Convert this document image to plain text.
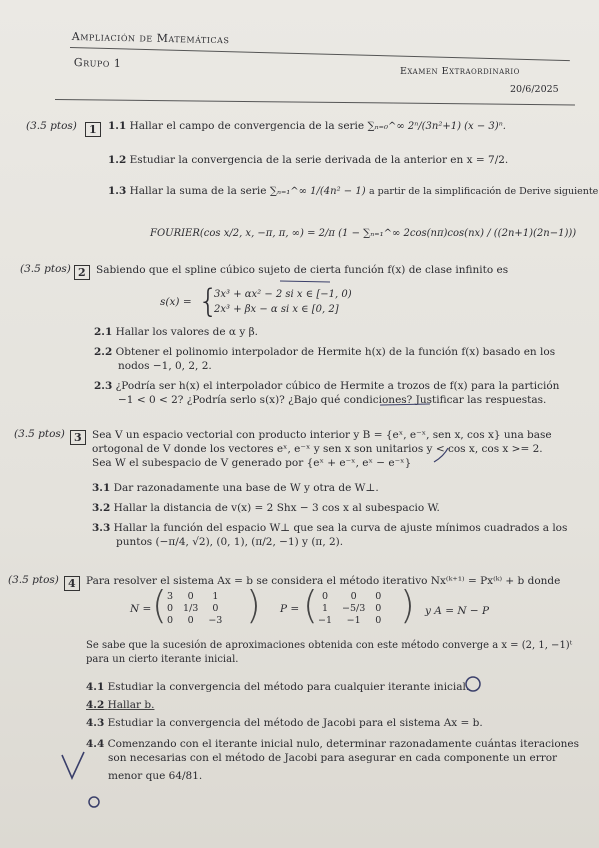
Ampliación de Matemáticas
Grupo 1
Examen Extraordinario
20/6/2025
(3.5 ptos)	1	1.1 Hallar el campo de convergencia de la serie ∑ₙ₌₀^∞ 2ⁿ/(3n²+1) (x − 3)ⁿ.
1.2 Estudiar la convergencia de la serie derivada de la anterior en x = 7/2.
1.3 Hallar la suma de la serie ∑ₙ₌₁^∞ 1/(4n² − 1) a partir de la simplificación de Derive siguiente
FOURIER(cos x/2, x, −π, π, ∞) = 2/π (1 − ∑ₙ₌₁^∞ 2cos(nπ)cos(nx) / ((2n+1)(2n−1)))
(3.5 ptos) 2 Sabiendo que el spline cúbico sujeto de cierta función f(x) de clase infinito es
s(x) = {
3x³ + αx² − 2 si x ∈ [−1, 0)
2x³ + βx − α si x ∈ [0, 2]
2.1 Hallar los valores de α y β.
2.2 Obtener el polinomio interpolador de Hermite h(x) de la función f(x) basado en los
nodos −1, 0, 2, 2.
2.3 ¿Podría ser h(x) el interpolador cúbico de Hermite a trozos de f(x) para la partición
−1 < 0 < 2? ¿Podría serlo s(x)? ¿Bajo qué condiciones? Justificar las respuestas.
(3.5 ptos) 3 Sea V un espacio vectorial con producto interior y B = {eˣ, e⁻ˣ, sen x, cos x} una base
ortogonal de V donde los vectores eˣ, e⁻ˣ y sen x son unitarios y < cos x, cos x >= 2.
Sea W el subespacio de V generado por {eˣ + e⁻ˣ, eˣ − e⁻ˣ}
3.1 Dar razonadamente una base de W y otra de W⊥.
3.2 Hallar la distancia de v(x) = 2 Shx − 3 cos x al subespacio W.
3.3 Hallar la función del espacio W⊥ que sea la curva de ajuste mínimos cuadrados a los
puntos (−π/4, √2), (0, 1), (π/2, −1) y (π, 2).
(3.5 ptos) 4 Para resolver el sistema Ax = b se considera el método iterativo Nx⁽ᵏ⁺¹⁾ = Px⁽ᵏ⁾ + b donde
N = ( 3	0	1
0	1/3	0
0	0	−3 ) P = ( 0	0	0
1	−5/3	0
−1	−1	0 ) y A = N − P
Se sabe que la sucesión de aproximaciones obtenida con este método converge a x = (2, 1, −1)ᵗ
para un cierto iterante inicial.
4.1 Estudiar la convergencia del método para cualquier iterante inicial.
4.2 Hallar b.
4.3 Estudiar la convergencia del método de Jacobi para el sistema Ax = b.
4.4 Comenzando con el iterante inicial nulo, determinar razonadamente cuántas iteraciones
son necesarias con el método de Jacobi para asegurar en cada componente un error
menor que 64/81.
